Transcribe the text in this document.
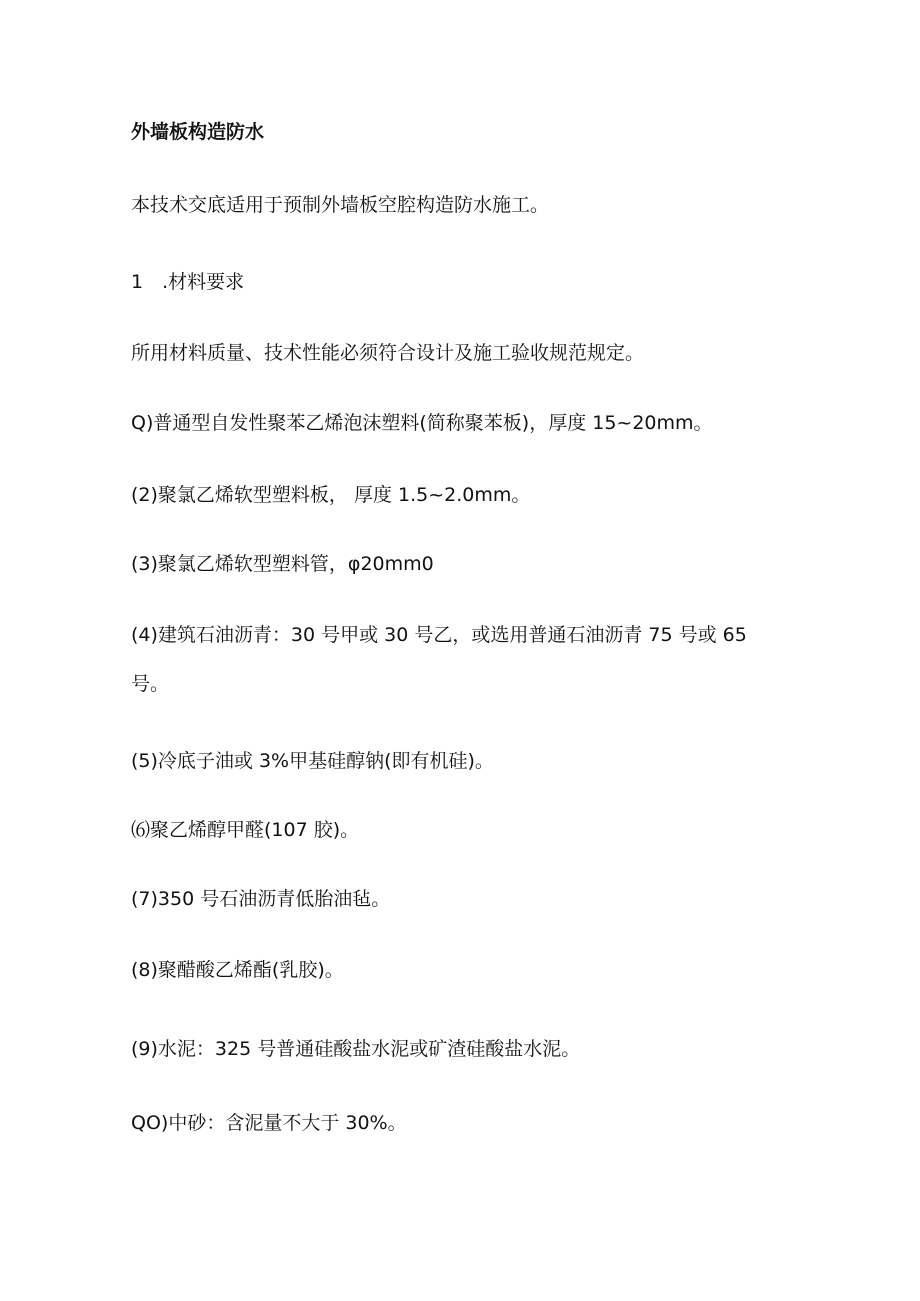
外墙板构造防水

本技术交底适用于预制外墙板空腔构造防水施工。

1 .材料要求

所用材料质量、技术性能必须符合设计及施工验收规范规定。

Q)普通型自发性聚苯乙烯泡沫塑料(简称聚苯板)，厚度 15~20mm。

(2)聚氯乙烯软型塑料板， 厚度 1.5~2.0mm。

(3)聚氯乙烯软型塑料管，φ20mm0

(4)建筑石油沥青：30 号甲或 30 号乙，或选用普通石油沥青 75 号或 65 号。

(5)冷底子油或 3%甲基硅醇钠(即有机硅)。

⑹聚乙烯醇甲醛(107 胶)。

(7)350 号石油沥青低胎油毡。

(8)聚醋酸乙烯酯(乳胶)。

(9)水泥：325 号普通硅酸盐水泥或矿渣硅酸盐水泥。

QO)中砂：含泥量不大于 30%。
